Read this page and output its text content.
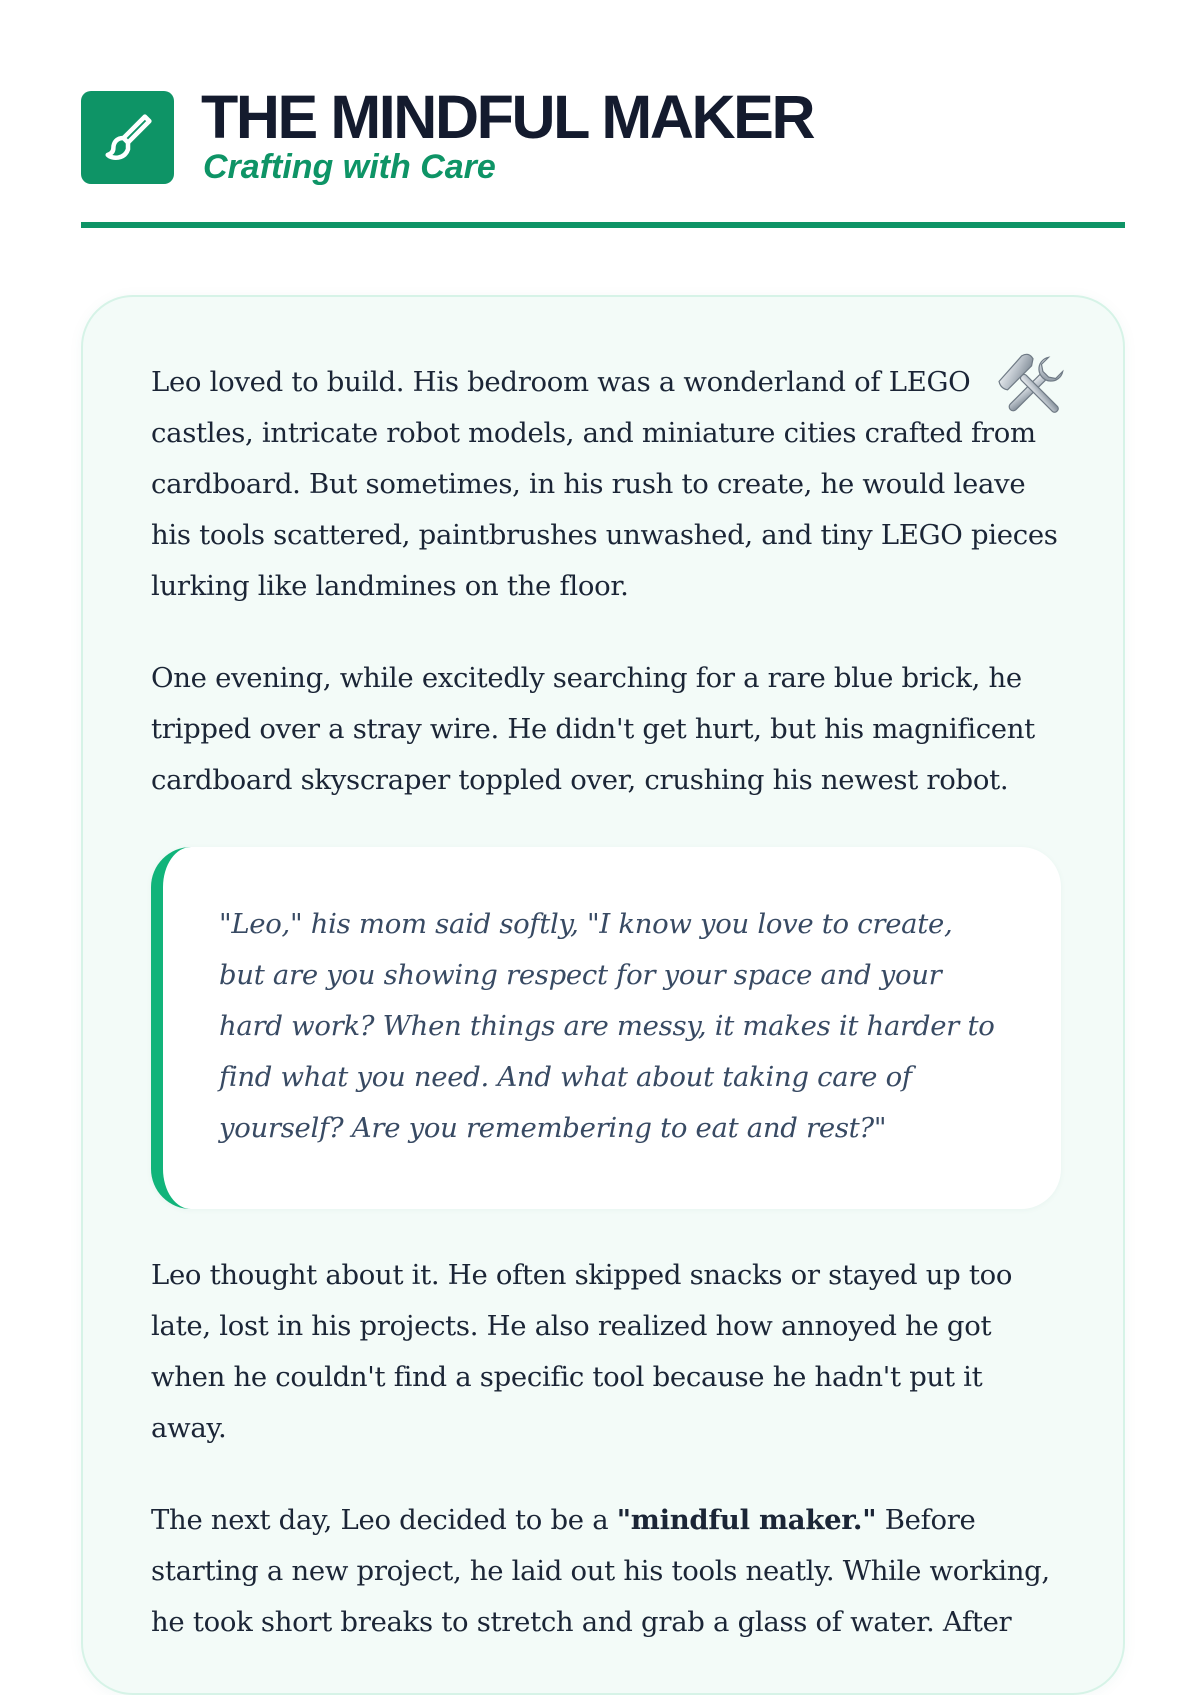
THE MINDFUL MAKER
Crafting with Care

Leo loved to build. His bedroom was a wonderland of LEGO castles, intricate robot models, and miniature cities crafted from cardboard. But sometimes, in his rush to create, he would leave his tools scattered, paintbrushes unwashed, and tiny LEGO pieces lurking like landmines on the floor.

One evening, while excitedly searching for a rare blue brick, he tripped over a stray wire. He didn't get hurt, but his magnificent cardboard skyscraper toppled over, crushing his newest robot.

"Leo," his mom said softly, "I know you love to create, but are you showing respect for your space and your hard work? When things are messy, it makes it harder to find what you need. And what about taking care of yourself? Are you remembering to eat and rest?"

Leo thought about it. He often skipped snacks or stayed up too late, lost in his projects. He also realized how annoyed he got when he couldn't find a specific tool because he hadn't put it away.

The next day, Leo decided to be a "mindful maker." Before starting a new project, he laid out his tools neatly. While working, he took short breaks to stretch and grab a glass of water. After
